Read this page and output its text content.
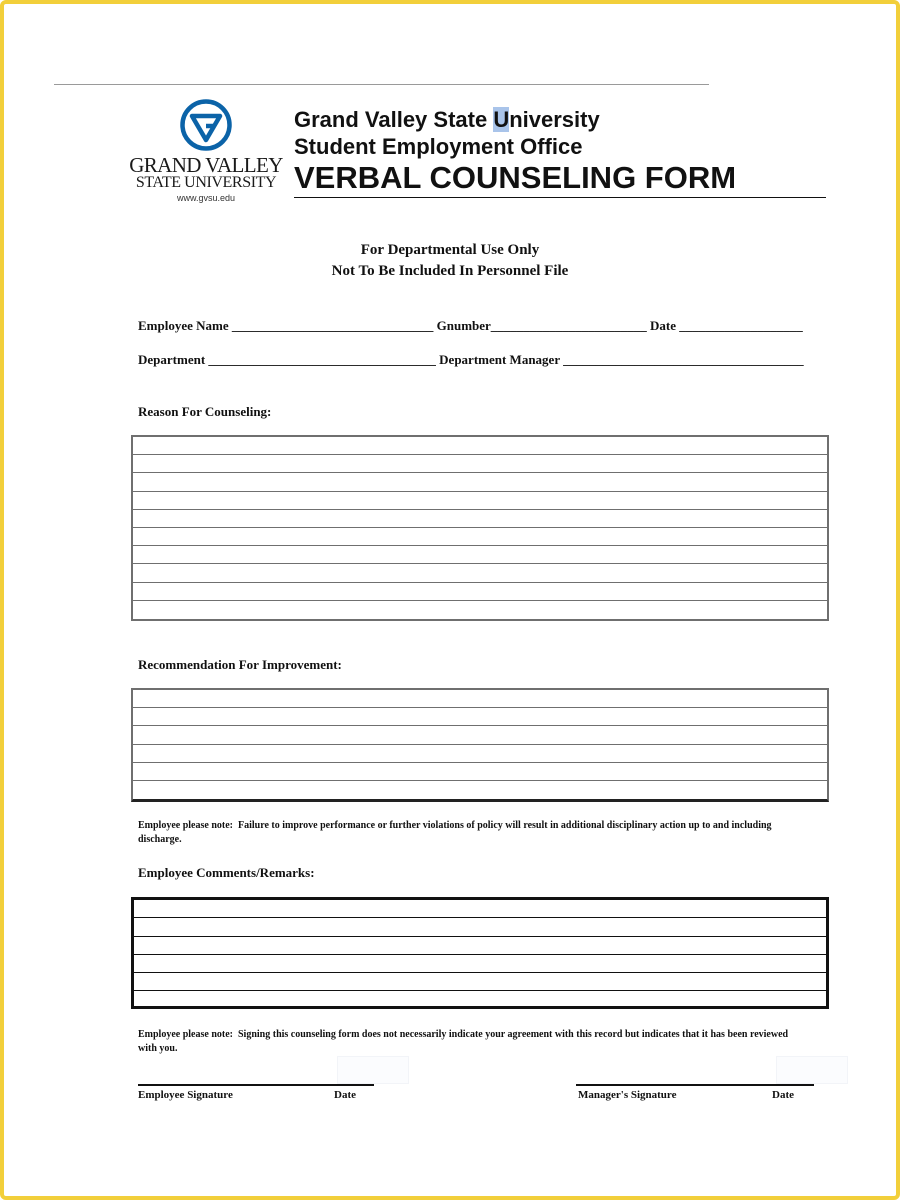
GRAND VALLEY
STATE UNIVERSITY
www.gvsu.edu
Grand Valley State University
Student Employment Office
VERBAL COUNSELING FORM
For Departmental Use Only
Not To Be Included In Personnel File
Employee Name _______________________________ Gnumber________________________ Date ___________________
Department ___________________________________ Department Manager _____________________________________
Reason For Counseling:
Recommendation For Improvement:
Employee please note: Failure to improve performance or further violations of policy will result in additional disciplinary action up to and including discharge.
Employee Comments/Remarks:
Employee please note: Signing this counseling form does not necessarily indicate your agreement with this record but indicates that it has been reviewed with you.
Employee Signature	Date	Manager's Signature	Date
